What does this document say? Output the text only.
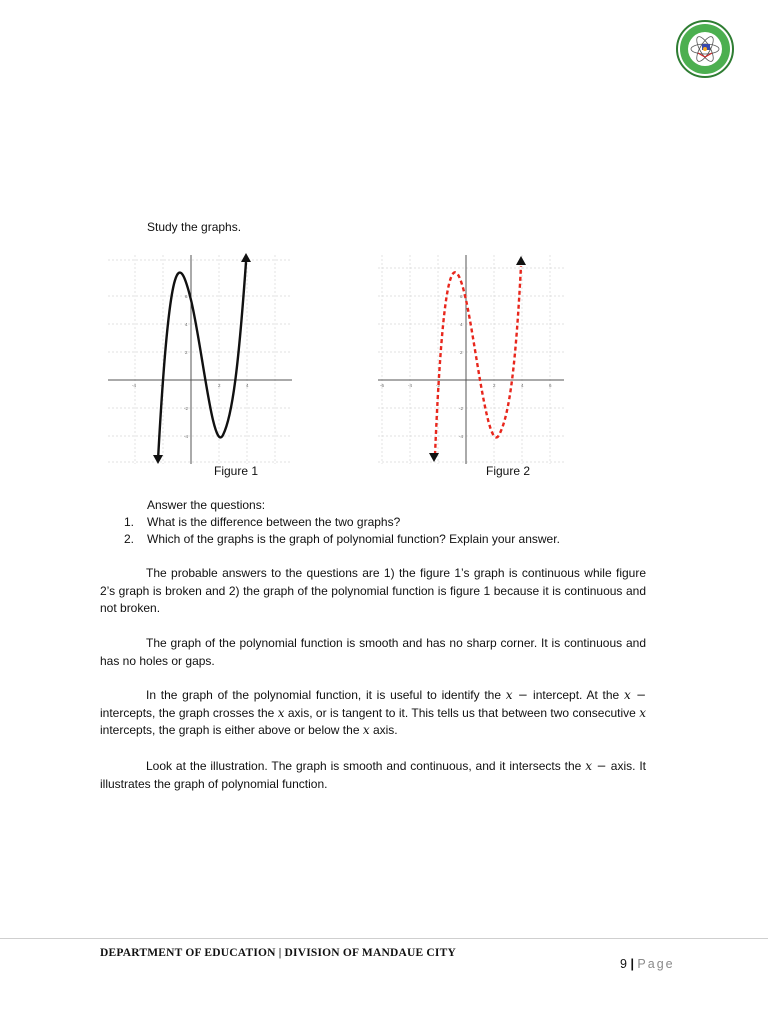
Study the graphs.
-4	-2	2	4
6
4
2
-2
-4
Figure 1
-6	-4	-2	2	4	6
6
4
2
-2
-4
Figure 2
Answer the questions:
1. What is the difference between the two graphs?
2. Which of the graphs is the graph of polynomial function? Explain your answer.
The probable answers to the questions are 1) the figure 1’s graph is continuous while figure 2’s graph is broken and 2) the graph of the polynomial function is figure 1 because it is continuous and not broken.
The graph of the polynomial function is smooth and has no sharp corner. It is continuous and has no holes or gaps.
In the graph of the polynomial function, it is useful to identify the x − intercept. At the x − intercepts, the graph crosses the x axis, or is tangent to it. This tells us that between two consecutive x intercepts, the graph is either above or below the x axis.
Look at the illustration. The graph is smooth and continuous, and it intersects the x − axis. It illustrates the graph of polynomial function.
DEPARTMENT OF EDUCATION | DIVISION OF MANDAUE CITY
9 | Page
